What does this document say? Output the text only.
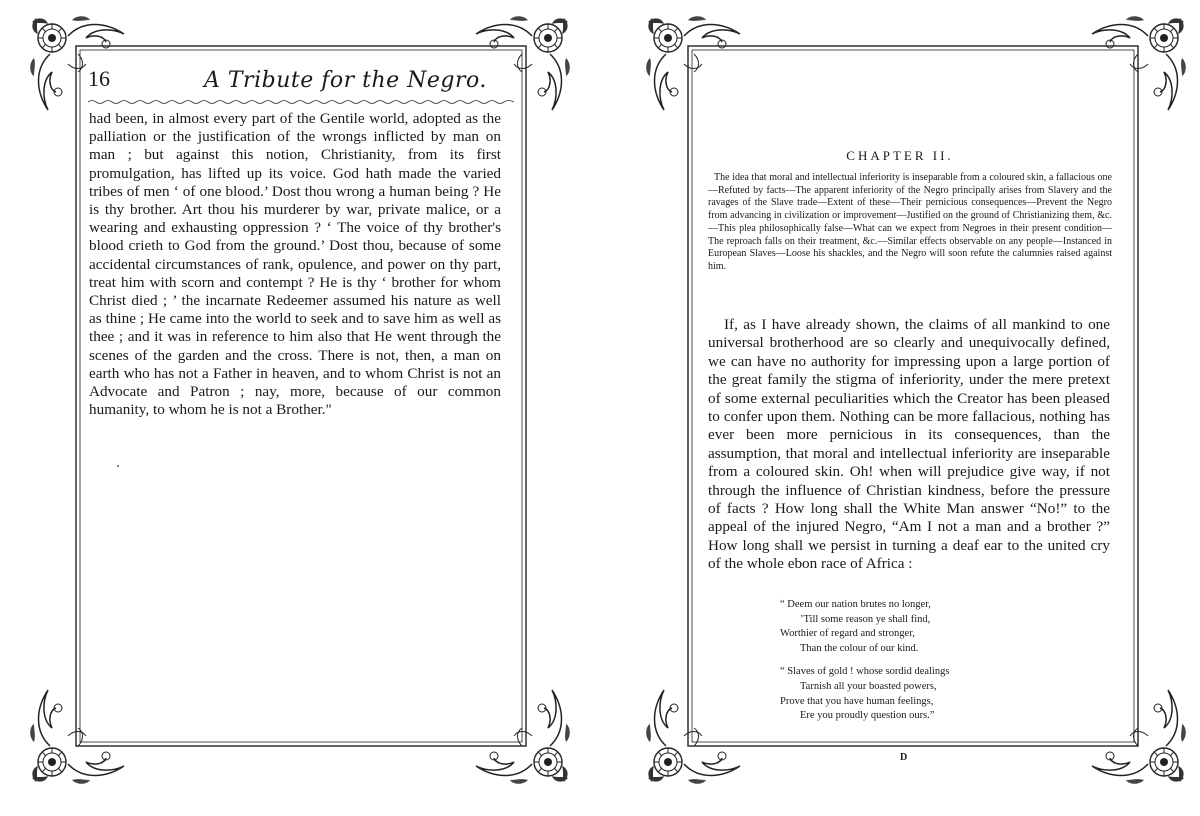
16	A Tribute for the Negro.

had been, in almost every part of the Gentile world, adopted as the palliation or the justification of the wrongs inflicted by man on man ; but against this notion, Christianity, from its first promulgation, has lifted up its voice. God hath made the varied tribes of men ‘ of one blood.’ Dost thou wrong a human being ? He is thy brother. Art thou his murderer by war, private malice, or a wearing and exhausting oppression ? ‘ The voice of thy brother's blood crieth to God from the ground.’ Dost thou, because of some accidental circumstances of rank, opulence, and power on thy part, treat him with scorn and contempt ? He is thy ‘ brother for whom Christ died ; ’ the incarnate Redeemer assumed his nature as well as thine ; He came into the world to seek and to save him as well as thee ; and it was in reference to him also that He went through the scenes of the garden and the cross. There is not, then, a man on earth who has not a Father in heaven, and to whom Christ is not an Advocate and Patron ; nay, more, because of our common humanity, to whom he is not a Brother."

CHAPTER II.

The idea that moral and intellectual inferiority is inseparable from a coloured skin, a fallacious one—Refuted by facts—The apparent inferiority of the Negro principally arises from Slavery and the ravages of the Slave trade—Extent of these—Their pernicious consequences—Prevent the Negro from advancing in civilization or improvement—Justified on the ground of Christianizing them, &c.—This plea philosophically false—What can we expect from Negroes in their present condition—The reproach falls on their treatment, &c.—Similar effects observable on any people—Instanced in European Slaves—Loose his shackles, and the Negro will soon refute the calumnies raised against him.

If, as I have already shown, the claims of all mankind to one universal brotherhood are so clearly and unequivocally defined, we can have no authority for impressing upon a large portion of the great family the stigma of inferiority, under the mere pretext of some external peculiarities which the Creator has been pleased to confer upon them. Nothing can be more fallacious, nothing has ever been more pernicious in its consequences, than the assumption, that moral and intellectual inferiority are inseparable from a coloured skin. Oh! when will prejudice give way, if not through the influence of Christian kindness, before the pressure of facts ? How long shall the White Man answer “No!” to the appeal of the injured Negro, “Am I not a man and a brother ?” How long shall we persist in turning a deaf ear to the united cry of the whole ebon race of Africa :

“ Deem our nation brutes no longer,
’Till some reason ye shall find,
Worthier of regard and stronger,
Than the colour of our kind.
“ Slaves of gold ! whose sordid dealings
Tarnish all your boasted powers,
Prove that you have human feelings,
Ere you proudly question ours.”
D
